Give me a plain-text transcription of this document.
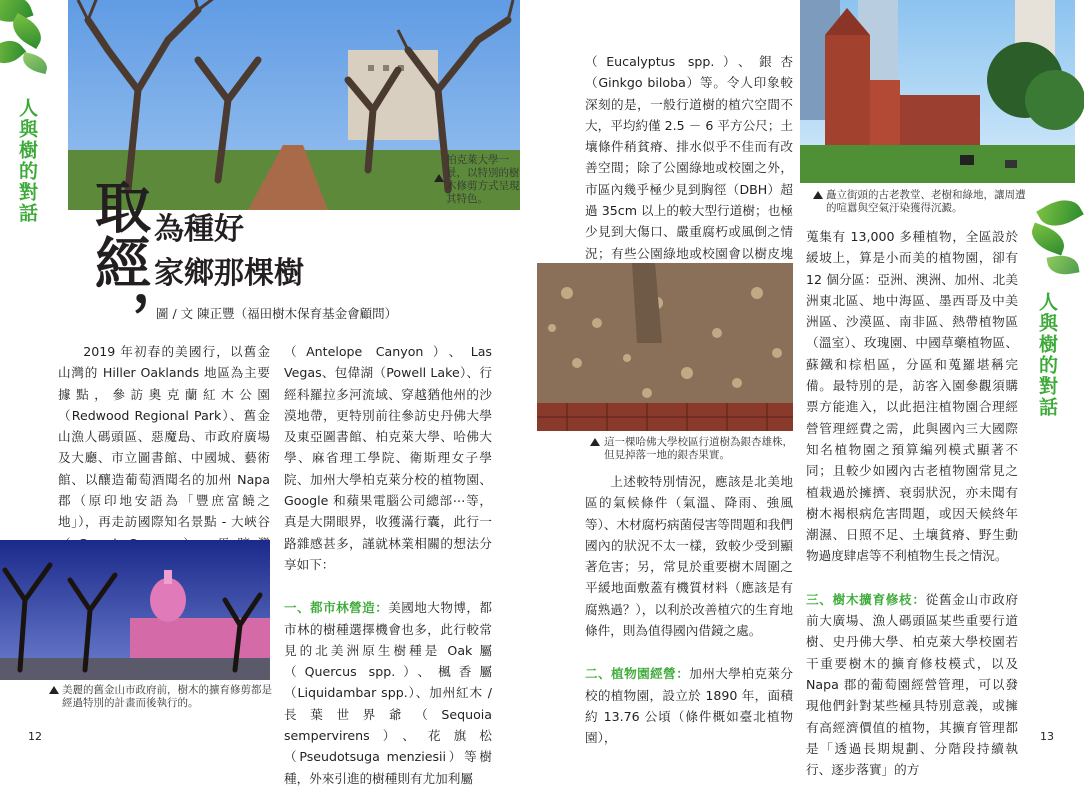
人與樹的對話	柏克萊大學一景，以特別的樹木修剪方式呈現其特色。
取經， 為種好
家鄉那棵樹
圖 / 文 陳正豐（福田樹木保育基金會顧問）

2019 年初春的美國行，以舊金山灣的 Hiller Oaklands 地區為主要據點，參訪奧克蘭紅木公園（Redwood Regional Park）、舊金山漁人碼頭區、惡魔島、市政府廣場及大廳、市立圖書館、中國城、藝術館、以釀造葡萄酒聞名的加州 Napa 郡（原印地安語為「豐庶富饒之地」），再走訪國際知名景點 - 大峽谷

（Antelope Canyon）、Las Vegas、包偉湖（Powell Lake）、行經科羅拉多河流域、穿越猶他州的沙漠地帶，更特別前往參訪史丹佛大學及東亞圖書館、柏克萊大學、哈佛大學、麻省理工學院、衛斯理女子學院、加州大學柏克萊分校的植物園、Google 和蘋果電腦公司總部⋯等，真是大開眼界，收獲滿行囊，此行一路雜感甚多，謹就林業相關的想法分享如下：

一、都市林營造：美國地大物博，都市林的樹種選擇機會也多，此行較常見的北美洲原生樹種是 Oak 屬（Quercus spp.）、楓香屬（Liquidambar spp.）、加州紅木 / 長葉世界爺（Sequoia sempervirens）、花旗松（Pseudotsuga menziesii）等樹種，外來引進的樹種則有尤加利屬

美麗的舊金山市政府前，樹木的擴育修剪都是經過特別的計畫而後執行的。
12

（Eucalyptus spp.）、銀杏（Ginkgo biloba）等。令人印象較深刻的是，一般行道樹的植穴空間不大，平均約僅 2.5 － 6 平方公尺；土壤條件稍貧瘠、排水似乎不佳而有改善空間；除了公園綠地或校園之外，市區內幾乎極少見到胸徑（DBH）超過 35cm 以上的較大型行道樹；也極少見到大傷口、嚴重腐朽或風倒之情況；有些公園綠地或校園會以樹皮塊

這一棵哈佛大學校區行道樹為銀杏雄株，但見掉落一地的銀杏果實。

上述較特別情況，應該是北美地區的氣候條件（氣溫、降雨、強風等）、木材腐朽病菌侵害等問題和我們國內的狀況不太一樣，致較少受到顯著危害；另，常見於重要樹木周圍之平緩地面敷蓋有機質材料（應該是有腐熟過？），以利於改善植穴的生育地條件，則為值得國內借鏡之處。

二、植物園經營：加州大學柏克萊分校的植物園，設立於 1890 年，面積約 13.76 公頃（條件概如臺北植物園），

矗立街頭的古老教堂、老樹和綠地，讓周遭的喧囂與空氣汙染獲得沉澱。

蒐集有 13,000 多種植物，全區設於緩坡上，算是小而美的植物園，卻有 12 個分區：亞洲、澳洲、加州、北美洲東北區、地中海區、墨西哥及中美洲區、沙漠區、南非區、熱帶植物區（溫室）、玫瑰園、中國草藥植物區、蘇鐵和棕梠區，分區和蒐羅堪稱完備。最特別的是，訪客入園參觀須購票方能進入，以此挹注植物園合理經營管理經費之需，此與國內三大國際知名植物園之預算編列模式顯著不同；且較少如國內古老植物園常見之植栽過於擁擠、衰弱狀況，亦未聞有樹木褐根病危害問題，或因天候終年潮濕、日照不足、土壤貧瘠、野生動物過度肆虐等不利植物生長之情況。

三、樹木擴育修枝：從舊金山市政府前大廣場、漁人碼頭區某些重要行道樹、史丹佛大學、柏克萊大學校園若干重要樹木的擴育修枝模式，以及 Napa 郡的葡萄園經營管理，可以發現他們針對某些極具特別意義，或擁有高經濟價值的植物，其擴育管理都是「透過長期規劃、分階段持續執行、逐步落實」的方

人與樹的對話
13
